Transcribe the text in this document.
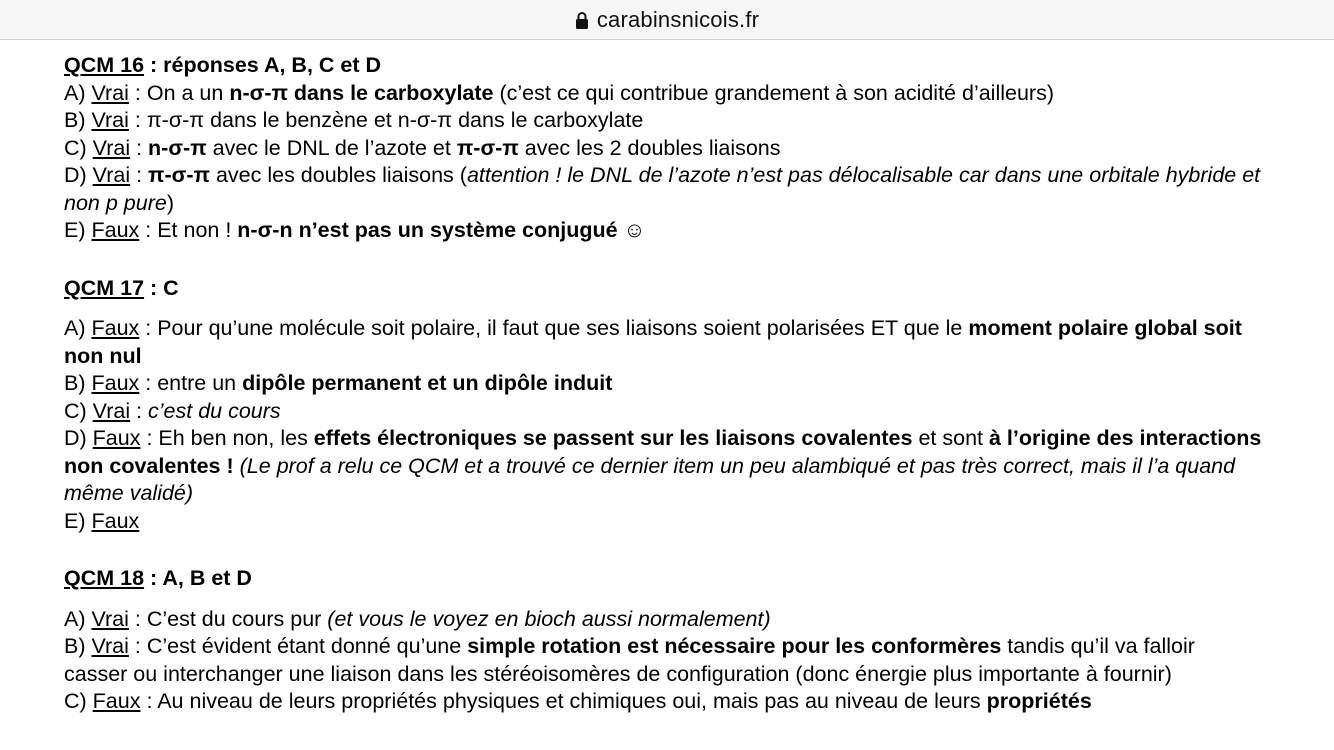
carabinsnicois.fr

QCM 16 : réponses A, B, C et D

A) Vrai : On a un n-σ-π dans le carboxylate (c’est ce qui contribue grandement à son acidité d’ailleurs)

B) Vrai : π-σ-π dans le benzène et n-σ-π dans le carboxylate

C) Vrai : n-σ-π avec le DNL de l’azote et π-σ-π avec les 2 doubles liaisons

D) Vrai : π-σ-π avec les doubles liaisons (attention ! le DNL de l’azote n’est pas délocalisable car dans une orbitale hybride et non p pure)

E) Faux : Et non ! n-σ-n n’est pas un système conjugué ☺

QCM 17 : C

A) Faux : Pour qu’une molécule soit polaire, il faut que ses liaisons soient polarisées ET que le moment polaire global soit non nul

B) Faux : entre un dipôle permanent et un dipôle induit

C) Vrai : c’est du cours

D) Faux : Eh ben non, les effets électroniques se passent sur les liaisons covalentes et sont à l’origine des interactions non covalentes ! (Le prof a relu ce QCM et a trouvé ce dernier item un peu alambiqué et pas très correct, mais il l’a quand même validé)

E) Faux

QCM 18 : A, B et D

A) Vrai : C’est du cours pur (et vous le voyez en bioch aussi normalement)

B) Vrai : C’est évident étant donné qu’une simple rotation est nécessaire pour les conformères tandis qu’il va falloir casser ou interchanger une liaison dans les stéréoisomères de configuration (donc énergie plus importante à fournir)

C) Faux : Au niveau de leurs propriétés physiques et chimiques oui, mais pas au niveau de leurs propriétés
